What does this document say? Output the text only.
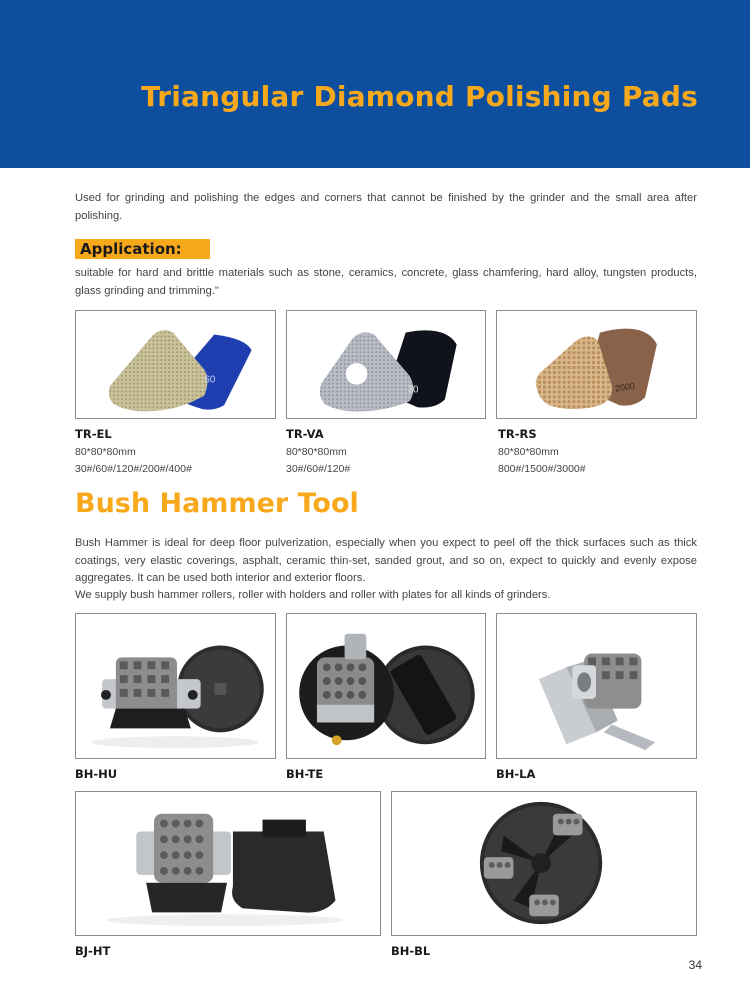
Triangular Diamond Polishing Pads
Used for grinding and polishing the edges and corners that cannot be finished by the grinder and the small area after polishing.
Application:
suitable for hard and brittle materials such as stone, ceramics, concrete, glass chamfering, hard alloy, tungsten products, glass grinding and trimming."
60
30	2000
TR-EL
80*80*80mm
30#/60#/120#/200#/400#
TR-VA
80*80*80mm
30#/60#/120#
TR-RS
80*80*80mm
800#/1500#/3000#
Bush Hammer Tool
Bush Hammer is ideal for deep floor pulverization, especially when you expect to peel off the thick surfaces such as thick coatings, very elastic coverings, asphalt, ceramic thin-set, sanded grout, and so on, expect to quickly and evenly expose aggregates. It can be used both interior and exterior floors.
We supply bush hammer rollers, roller with holders and roller with plates for all kinds of grinders.
BH-HU	BH-TE	BH-LA
BJ-HT	BH-BL
34
